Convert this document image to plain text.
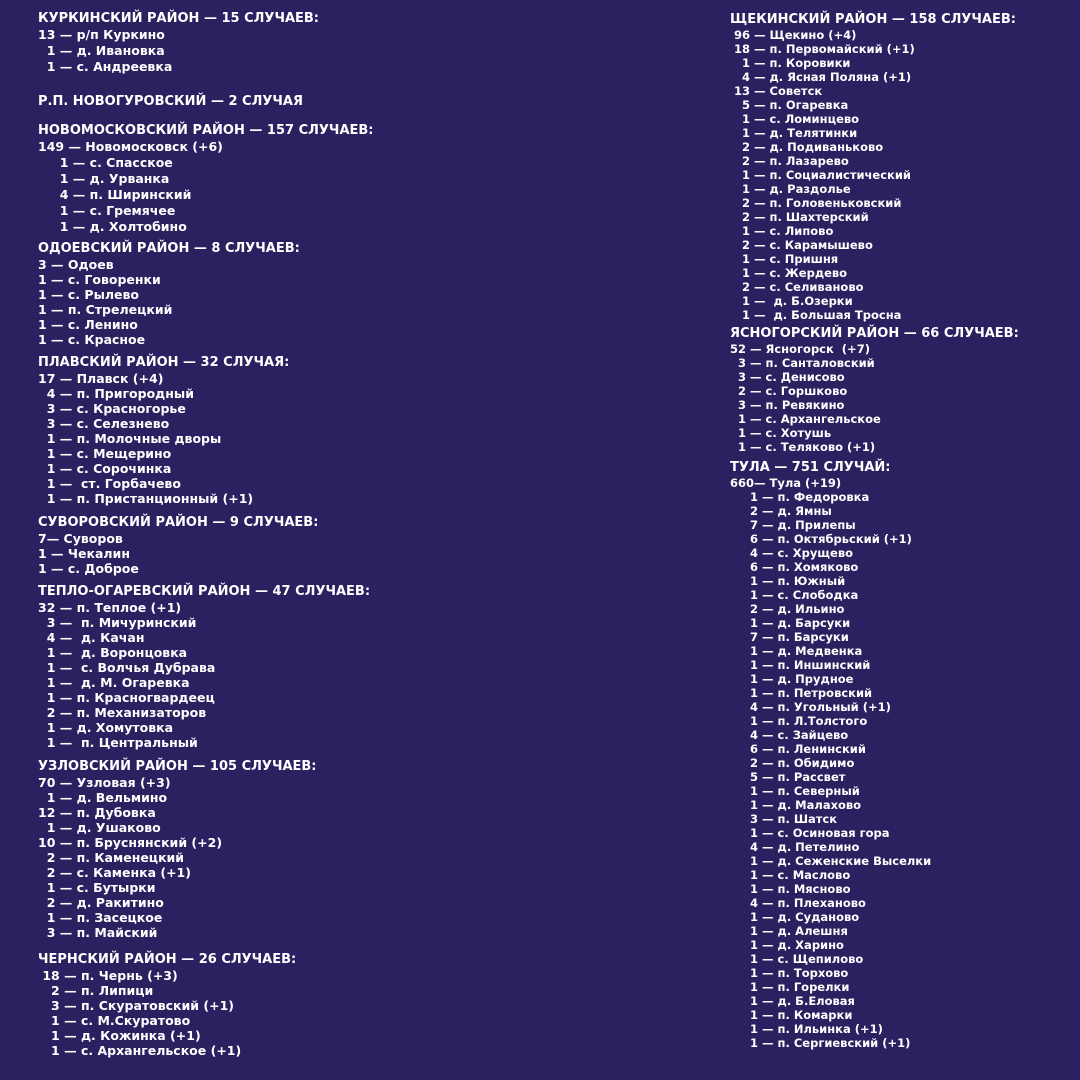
КУРКИНСКИЙ РАЙОН — 15 СЛУЧАЕВ:
13 — р/п Куркино
1 — д. Ивановка
1 — с. Андреевка
Р.П. НОВОГУРОВСКИЙ — 2 СЛУЧАЯ
НОВОМОСКОВСКИЙ РАЙОН — 157 СЛУЧАЕВ:
149 — Новомосковск (+6)
1 — с. Спасское
1 — д. Урванка
4 — п. Ширинский
1 — с. Гремячее
1 — д. Холтобино
ОДОЕВСКИЙ РАЙОН — 8 СЛУЧАЕВ:
3 — Одоев
1 — с. Говоренки
1 — с. Рылево
1 — п. Стрелецкий
1 — с. Ленино
1 — с. Красное
ПЛАВСКИЙ РАЙОН — 32 СЛУЧАЯ:
17 — Плавск (+4)
4 — п. Пригородный
3 — с. Красногорье
3 — с. Селезнево
1 — п. Молочные дворы
1 — с. Мещерино
1 — с. Сорочинка
1 —  ст. Горбачево
1 — п. Пристанционный (+1)
СУВОРОВСКИЙ РАЙОН — 9 СЛУЧАЕВ:
7— Суворов
1 — Чекалин
1 — с. Доброе
ТЕПЛО-ОГАРЕВСКИЙ РАЙОН — 47 СЛУЧАЕВ:
32 — п. Теплое (+1)
3 —  п. Мичуринский
4 —  д. Качан
1 —  д. Воронцовка
1 —  с. Волчья Дубрава
1 —  д. М. Огаревка
1 — п. Красногвардеец
2 — п. Механизаторов
1 — д. Хомутовка
1 —  п. Центральный
УЗЛОВСКИЙ РАЙОН — 105 СЛУЧАЕВ:
70 — Узловая (+3)
1 — д. Вельмино
12 — п. Дубовка
1 — д. Ушаково
10 — п. Бруснянский (+2)
2 — п. Каменецкий
2 — с. Каменка (+1)
1 — с. Бутырки
2 — д. Ракитино
1 — п. Засецкое
3 — п. Майский
ЧЕРНСКИЙ РАЙОН — 26 СЛУЧАЕВ:
18 — п. Чернь (+3)
2 — п. Липици
3 — п. Скуратовский (+1)
1 — с. М.Скуратово
1 — д. Кожинка (+1)
1 — с. Архангельское (+1)
ЩЕКИНСКИЙ РАЙОН — 158 СЛУЧАЕВ:
96 — Щекино (+4)
18 — п. Первомайский (+1)
1 — п. Коровики
4 — д. Ясная Поляна (+1)
13 — Советск
5 — п. Огаревка
1 — с. Ломинцево
1 — д. Телятинки
2 — д. Подиваньково
2 — п. Лазарево
1 — п. Социалистический
1 — д. Раздолье
2 — п. Головеньковский
2 — п. Шахтерский
1 — с. Липово
2 — с. Карамышево
1 — с. Пришня
1 — с. Жердево
2 — с. Селиваново
1 —  д. Б.Озерки
1 —  д. Большая Тросна
ЯСНОГОРСКИЙ РАЙОН — 66 СЛУЧАЕВ:
52 — Ясногорск  (+7)
3 — п. Санталовский
3 — с. Денисово
2 — с. Горшково
3 — п. Ревякино
1 — с. Архангельское
1 — с. Хотушь
1 — с. Теляково (+1)
ТУЛА — 751 СЛУЧАЙ:
660— Тула (+19)
1 — п. Федоровка
2 — д. Ямны
7 — д. Прилепы
6 — п. Октябрьский (+1)
4 — с. Хрущево
6 — п. Хомяково
1 — п. Южный
1 — с. Слободка
2 — д. Ильино
1 — д. Барсуки
7 — п. Барсуки
1 — д. Медвенка
1 — п. Иншинский
1 — д. Прудное
1 — п. Петровский
4 — п. Угольный (+1)
1 — п. Л.Толстого
4 — с. Зайцево
6 — п. Ленинский
2 — п. Обидимо
5 — п. Рассвет
1 — п. Северный
1 — д. Малахово
3 — п. Шатск
1 — с. Осиновая гора
4 — д. Петелино
1 — д. Сеженские Выселки
1 — с. Маслово
1 — п. Мясново
4 — п. Плеханово
1 — д. Суданово
1 — д. Алешня
1 — д. Харино
1 — с. Щепилово
1 — п. Торхово
1 — п. Горелки
1 — д. Б.Еловая
1 — п. Комарки
1 — п. Ильинка (+1)
1 — п. Сергиевский (+1)
